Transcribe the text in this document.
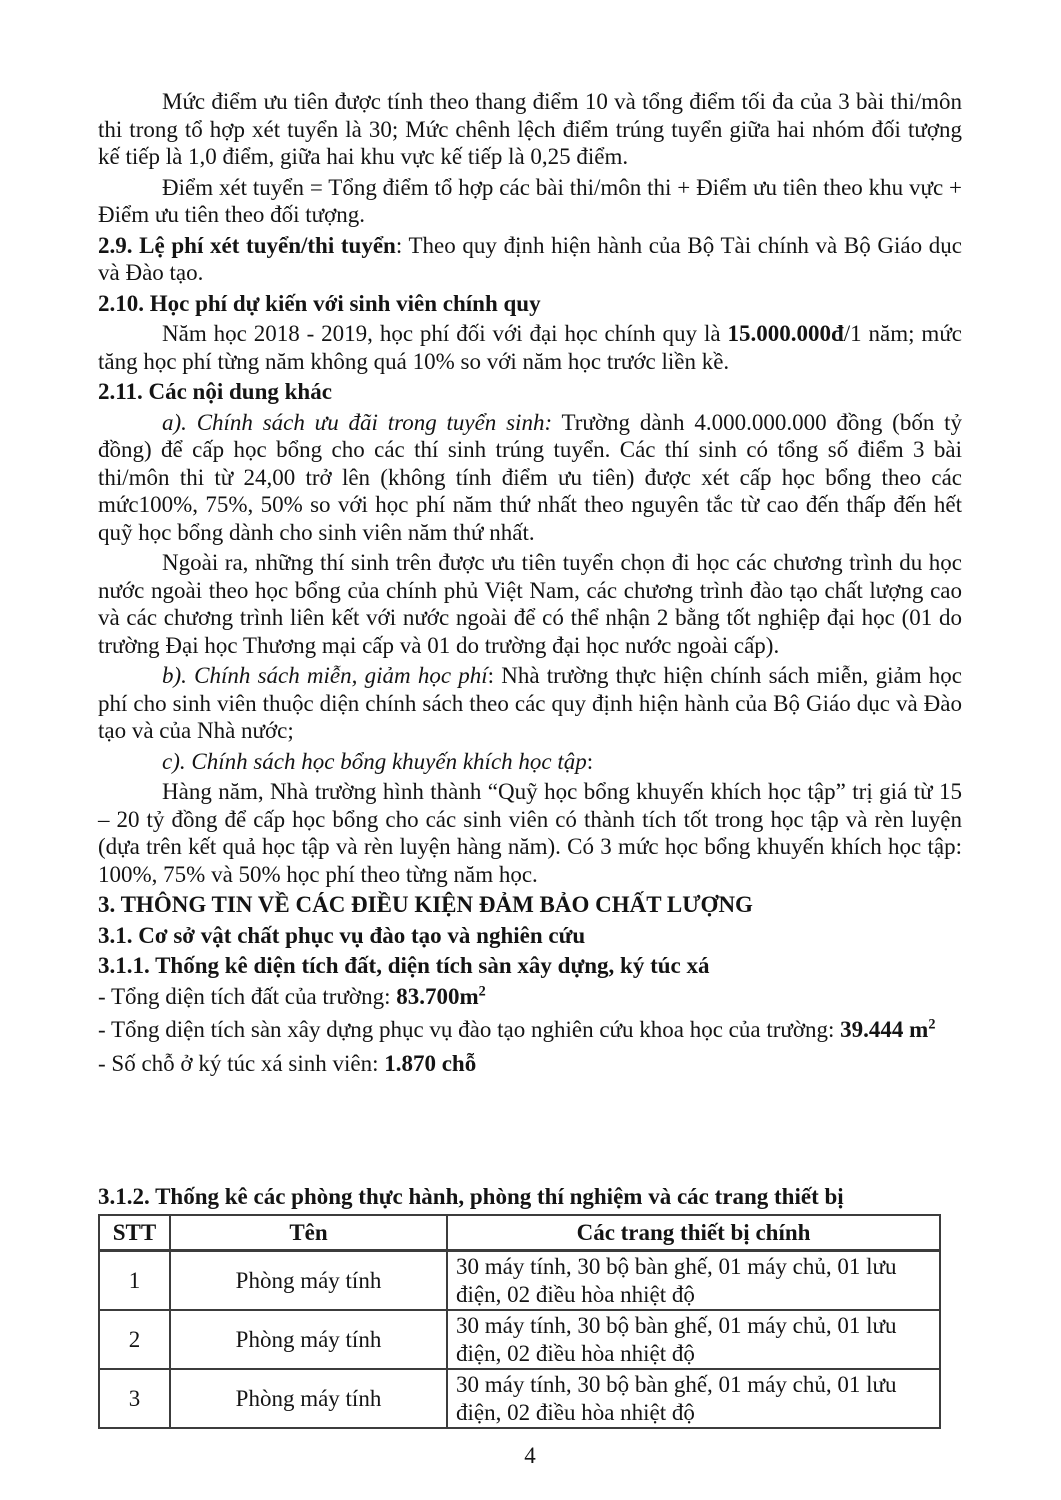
Mức điểm ưu tiên được tính theo thang điểm 10 và tổng điểm tối đa của 3 bài thi/môn thi trong tổ hợp xét tuyển là 30; Mức chênh lệch điểm trúng tuyển giữa hai nhóm đối tượng kế tiếp là 1,0 điểm, giữa hai khu vực kế tiếp là 0,25 điểm.

Điểm xét tuyển = Tổng điểm tổ hợp các bài thi/môn thi + Điểm ưu tiên theo khu vực + Điểm ưu tiên theo đối tượng.

2.9. Lệ phí xét tuyển/thi tuyển: Theo quy định hiện hành của Bộ Tài chính và Bộ Giáo dục và Đào tạo.

2.10. Học phí dự kiến với sinh viên chính quy

Năm học 2018 - 2019, học phí đối với đại học chính quy là 15.000.000đ/1 năm; mức tăng học phí từng năm không quá 10% so với năm học trước liền kề.

2.11. Các nội dung khác

a). Chính sách ưu đãi trong tuyển sinh: Trường dành 4.000.000.000 đồng (bốn tỷ đồng) để cấp học bổng cho các thí sinh trúng tuyển. Các thí sinh có tổng số điểm 3 bài thi/môn thi từ 24,00 trở lên (không tính điểm ưu tiên) được xét cấp học bổng theo các mức100%, 75%, 50% so với học phí năm thứ nhất theo nguyên tắc từ cao đến thấp đến hết quỹ học bổng dành cho sinh viên năm thứ nhất.

Ngoài ra, những thí sinh trên được ưu tiên tuyển chọn đi học các chương trình du học nước ngoài theo học bổng của chính phủ Việt Nam, các chương trình đào tạo chất lượng cao và các chương trình liên kết với nước ngoài để có thể nhận 2 bằng tốt nghiệp đại học (01 do trường Đại học Thương mại cấp và 01 do trường đại học nước ngoài cấp).

b). Chính sách miễn, giảm học phí: Nhà trường thực hiện chính sách miễn, giảm học phí cho sinh viên thuộc diện chính sách theo các quy định hiện hành của Bộ Giáo dục và Đào tạo và của Nhà nước;

c). Chính sách học bổng khuyến khích học tập:

Hàng năm, Nhà trường hình thành “Quỹ học bổng khuyến khích học tập” trị giá từ 15 – 20 tỷ đồng để cấp học bổng cho các sinh viên có thành tích tốt trong học tập và rèn luyện (dựa trên kết quả học tập và rèn luyện hàng năm). Có 3 mức học bổng khuyến khích học tập: 100%, 75% và 50% học phí theo từng năm học.

3. THÔNG TIN VỀ CÁC ĐIỀU KIỆN ĐẢM BẢO CHẤT LƯỢNG

3.1. Cơ sở vật chất phục vụ đào tạo và nghiên cứu

3.1.1. Thống kê diện tích đất, diện tích sàn xây dựng, ký túc xá

- Tổng diện tích đất của trường: $83.700m^2$

- Tổng diện tích sàn xây dựng phục vụ đào tạo nghiên cứu khoa học của trường: 39.444 $m^2$

- Số chỗ ở ký túc xá sinh viên: 1.870 chỗ

3.1.2. Thống kê các phòng thực hành, phòng thí nghiệm và các trang thiết bị

STT	Tên	Các trang thiết bị chính
1	Phòng máy tính	30 máy tính, 30 bộ bàn ghế, 01 máy chủ, 01 lưu điện, 02 điều hòa nhiệt độ
2	Phòng máy tính	30 máy tính, 30 bộ bàn ghế, 01 máy chủ, 01 lưu điện, 02 điều hòa nhiệt độ
3	Phòng máy tính	30 máy tính, 30 bộ bàn ghế, 01 máy chủ, 01 lưu điện, 02 điều hòa nhiệt độ
4
